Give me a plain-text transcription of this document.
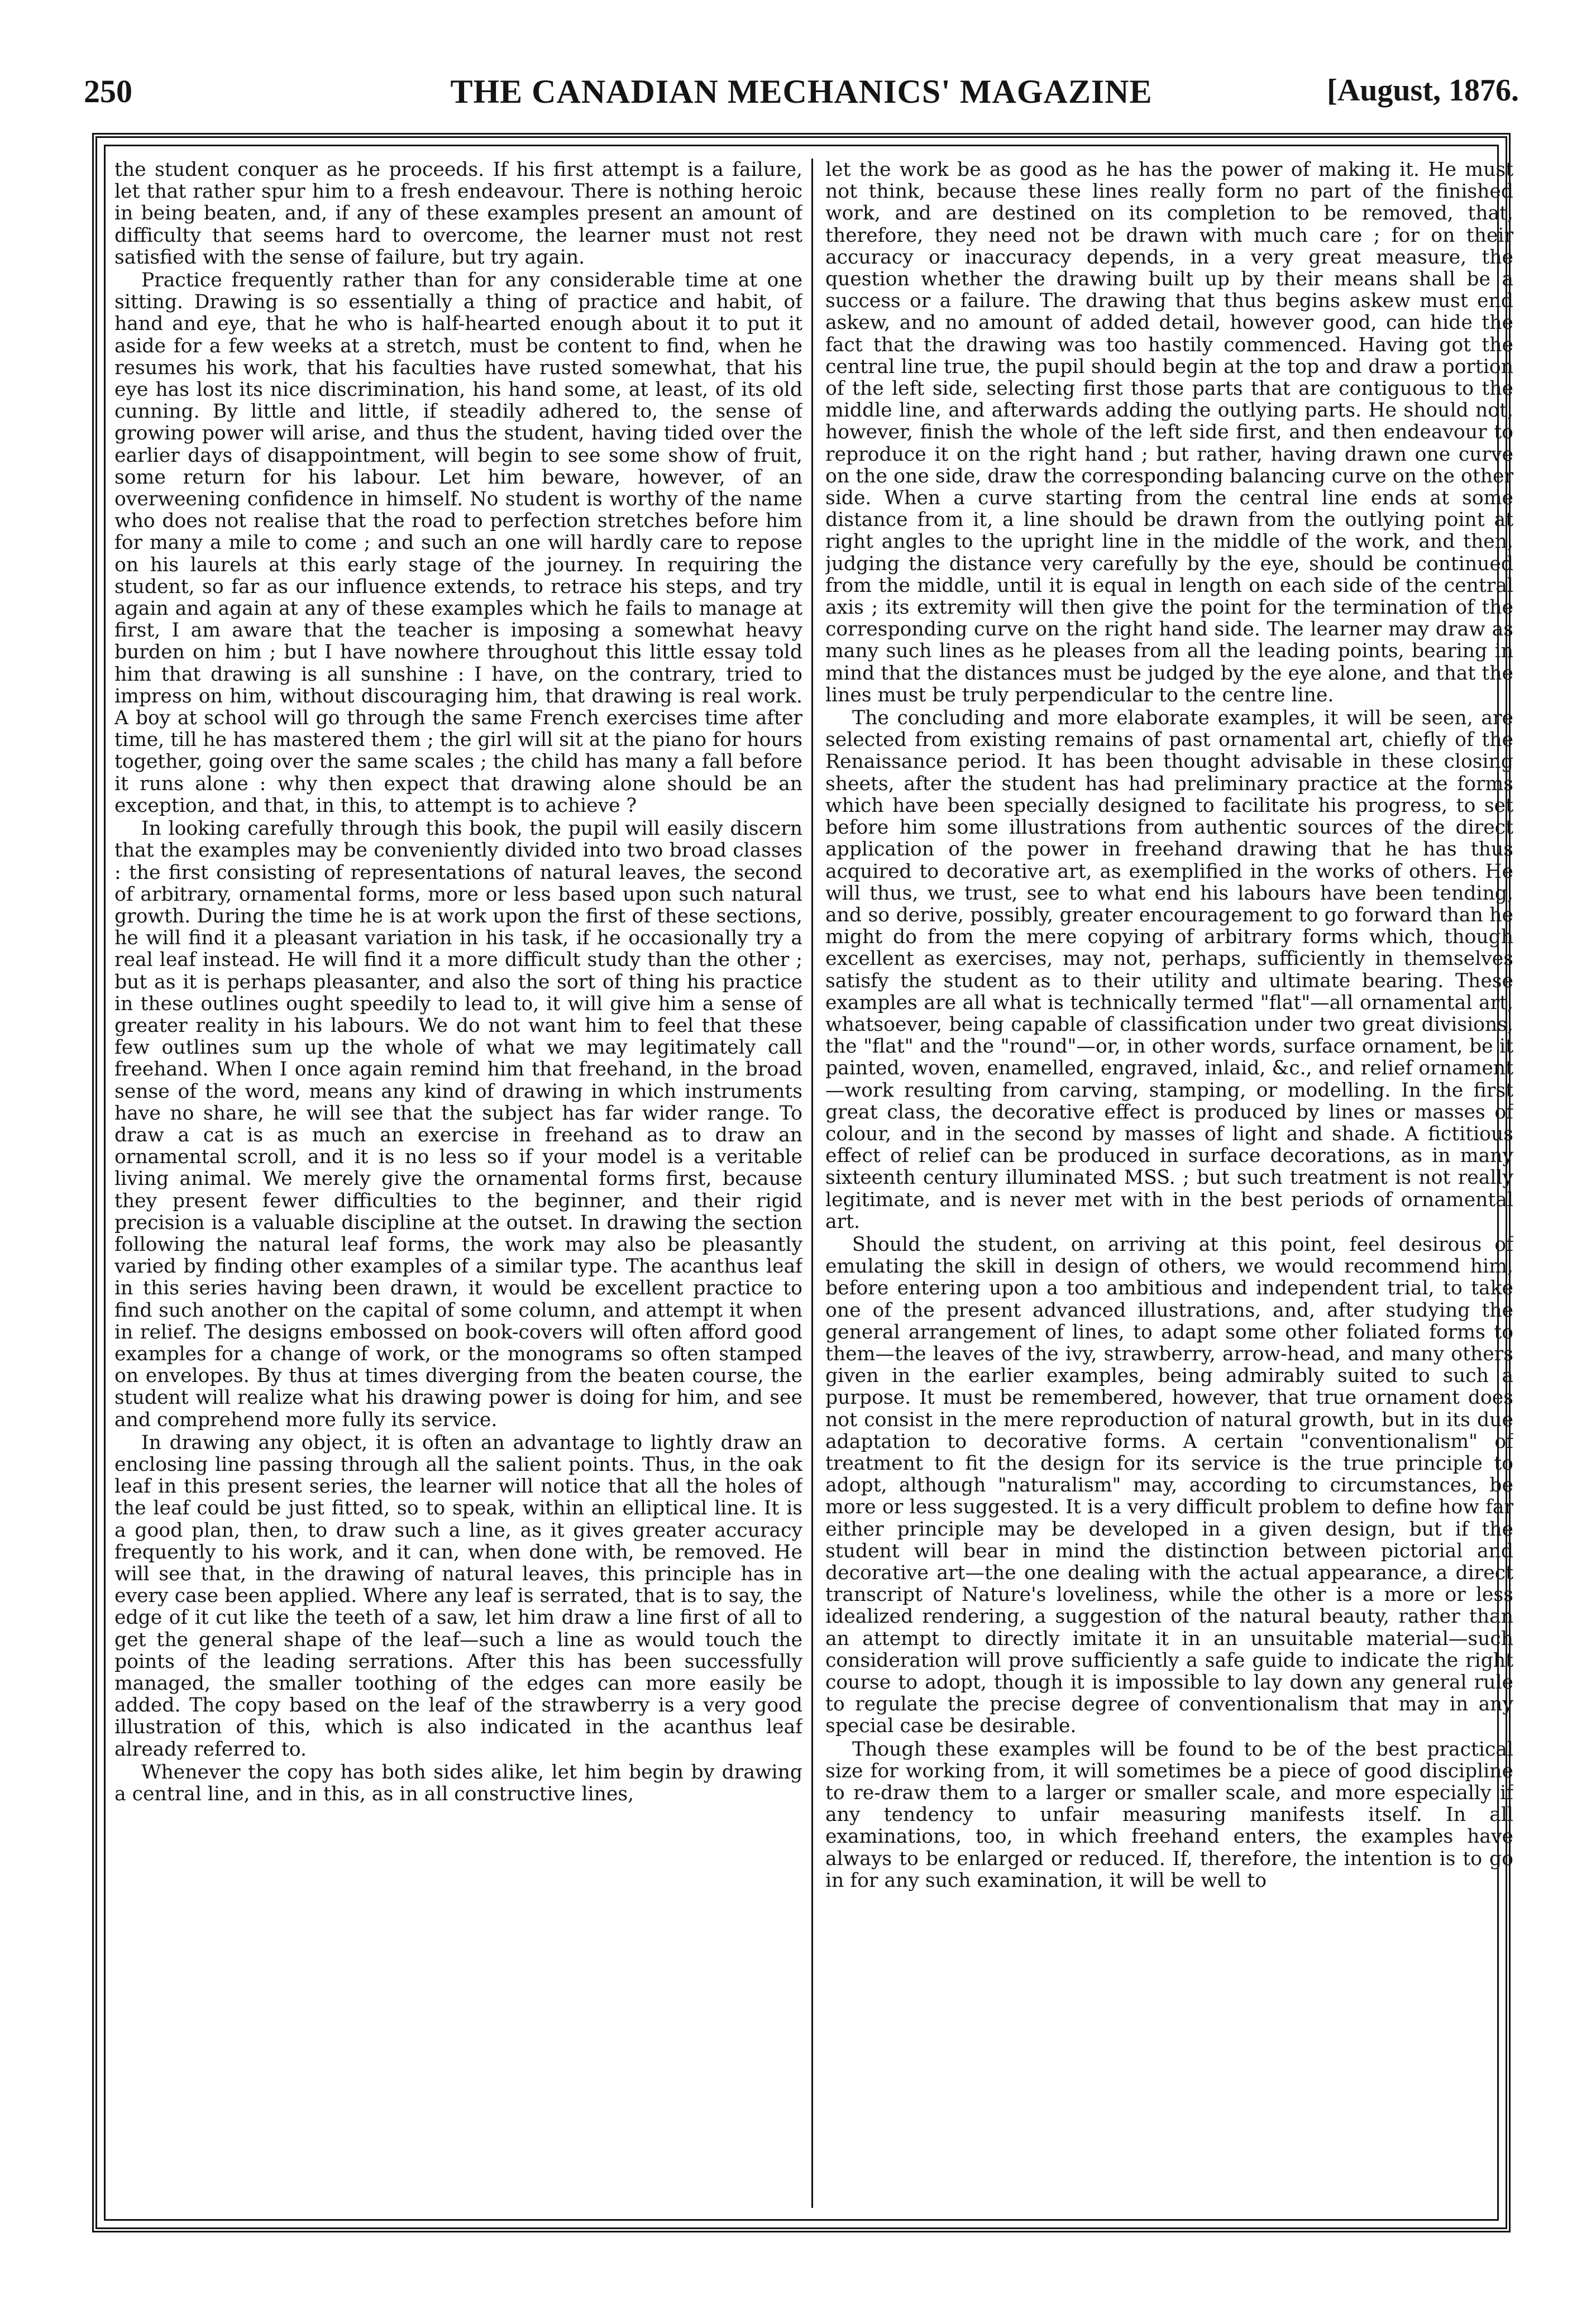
250	THE CANADIAN MECHANICS' MAGAZINE	[August, 1876.

the student conquer as he proceeds. If his first attempt is a failure, let that rather spur him to a fresh endeavour. There is nothing heroic in being beaten, and, if any of these examples present an amount of difficulty that seems hard to overcome, the learner must not rest satisfied with the sense of failure, but try again.

Practice frequently rather than for any considerable time at one sitting. Drawing is so essentially a thing of practice and habit, of hand and eye, that he who is half-hearted enough about it to put it aside for a few weeks at a stretch, must be content to find, when he resumes his work, that his faculties have rusted somewhat, that his eye has lost its nice discrimination, his hand some, at least, of its old cunning. By little and little, if steadily adhered to, the sense of growing power will arise, and thus the student, having tided over the earlier days of disappointment, will begin to see some show of fruit, some return for his labour. Let him beware, however, of an overweening confidence in himself. No student is worthy of the name who does not realise that the road to perfection stretches before him for many a mile to come ; and such an one will hardly care to repose on his laurels at this early stage of the journey. In requiring the student, so far as our influence extends, to retrace his steps, and try again and again at any of these examples which he fails to manage at first, I am aware that the teacher is imposing a somewhat heavy burden on him ; but I have nowhere throughout this little essay told him that drawing is all sunshine : I have, on the contrary, tried to impress on him, without discouraging him, that drawing is real work. A boy at school will go through the same French exercises time after time, till he has mastered them ; the girl will sit at the piano for hours together, going over the same scales ; the child has many a fall before it runs alone : why then expect that drawing alone should be an exception, and that, in this, to attempt is to achieve ?

In looking carefully through this book, the pupil will easily discern that the examples may be conveniently divided into two broad classes : the first consisting of representations of natural leaves, the second of arbitrary, ornamental forms, more or less based upon such natural growth. During the time he is at work upon the first of these sections, he will find it a pleasant variation in his task, if he occasionally try a real leaf instead. He will find it a more difficult study than the other ; but as it is perhaps pleasanter, and also the sort of thing his practice in these outlines ought speedily to lead to, it will give him a sense of greater reality in his labours. We do not want him to feel that these few outlines sum up the whole of what we may legitimately call freehand. When I once again remind him that freehand, in the broad sense of the word, means any kind of drawing in which instruments have no share, he will see that the subject has far wider range. To draw a cat is as much an exercise in freehand as to draw an ornamental scroll, and it is no less so if your model is a veritable living animal. We merely give the ornamental forms first, because they present fewer difficulties to the beginner, and their rigid precision is a valuable discipline at the outset. In drawing the section following the natural leaf forms, the work may also be pleasantly varied by finding other examples of a similar type. The acanthus leaf in this series having been drawn, it would be excellent practice to find such another on the capital of some column, and attempt it when in relief. The designs embossed on book-covers will often afford good examples for a change of work, or the monograms so often stamped on envelopes. By thus at times diverging from the beaten course, the student will realize what his drawing power is doing for him, and see and comprehend more fully its service.

In drawing any object, it is often an advantage to lightly draw an enclosing line passing through all the salient points. Thus, in the oak leaf in this present series, the learner will notice that all the holes of the leaf could be just fitted, so to speak, within an elliptical line. It is a good plan, then, to draw such a line, as it gives greater accuracy frequently to his work, and it can, when done with, be removed. He will see that, in the drawing of natural leaves, this principle has in every case been applied. Where any leaf is serrated, that is to say, the edge of it cut like the teeth of a saw, let him draw a line first of all to get the general shape of the leaf—such a line as would touch the points of the leading serrations. After this has been successfully managed, the smaller toothing of the edges can more easily be added. The copy based on the leaf of the strawberry is a very good illustration of this, which is also indicated in the acanthus leaf already referred to.

Whenever the copy has both sides alike, let him begin by drawing a central line, and in this, as in all constructive lines,

let the work be as good as he has the power of making it. He must not think, because these lines really form no part of the finished work, and are destined on its completion to be removed, that, therefore, they need not be drawn with much care ; for on their accuracy or inaccuracy depends, in a very great measure, the question whether the drawing built up by their means shall be a success or a failure. The drawing that thus begins askew must end askew, and no amount of added detail, however good, can hide the fact that the drawing was too hastily commenced. Having got the central line true, the pupil should begin at the top and draw a portion of the left side, selecting first those parts that are contiguous to the middle line, and afterwards adding the outlying parts. He should not, however, finish the whole of the left side first, and then endeavour to reproduce it on the right hand ; but rather, having drawn one curve on the one side, draw the corresponding balancing curve on the other side. When a curve starting from the central line ends at some distance from it, a line should be drawn from the outlying point at right angles to the upright line in the middle of the work, and then, judging the distance very carefully by the eye, should be continued from the middle, until it is equal in length on each side of the central axis ; its extremity will then give the point for the termination of the corresponding curve on the right hand side. The learner may draw as many such lines as he pleases from all the leading points, bearing in mind that the distances must be judged by the eye alone, and that the lines must be truly perpendicular to the centre line.

The concluding and more elaborate examples, it will be seen, are selected from existing remains of past ornamental art, chiefly of the Renaissance period. It has been thought advisable in these closing sheets, after the student has had preliminary practice at the forms which have been specially designed to facilitate his progress, to set before him some illustrations from authentic sources of the direct application of the power in freehand drawing that he has thus acquired to decorative art, as exemplified in the works of others. He will thus, we trust, see to what end his labours have been tending, and so derive, possibly, greater encouragement to go forward than he might do from the mere copying of arbitrary forms which, though excellent as exercises, may not, perhaps, sufficiently in themselves satisfy the student as to their utility and ultimate bearing. These examples are all what is technically termed "flat"—all ornamental art, whatsoever, being capable of classification under two great divisions, the "flat" and the "round"—or, in other words, surface ornament, be it painted, woven, enamelled, engraved, inlaid, &c., and relief ornament—work resulting from carving, stamping, or modelling. In the first great class, the decorative effect is produced by lines or masses of colour, and in the second by masses of light and shade. A fictitious effect of relief can be produced in surface decorations, as in many sixteenth century illuminated MSS. ; but such treatment is not really legitimate, and is never met with in the best periods of ornamental art.

Should the student, on arriving at this point, feel desirous of emulating the skill in design of others, we would recommend him, before entering upon a too ambitious and independent trial, to take one of the present advanced illustrations, and, after studying the general arrangement of lines, to adapt some other foliated forms to them—the leaves of the ivy, strawberry, arrow-head, and many others given in the earlier examples, being admirably suited to such a purpose. It must be remembered, however, that true ornament does not consist in the mere reproduction of natural growth, but in its due adaptation to decorative forms. A certain "conventionalism" of treatment to fit the design for its service is the true principle to adopt, although "naturalism" may, according to circumstances, be more or less suggested. It is a very difficult problem to define how far either principle may be developed in a given design, but if the student will bear in mind the distinction between pictorial and decorative art—the one dealing with the actual appearance, a direct transcript of Nature's loveliness, while the other is a more or less idealized rendering, a suggestion of the natural beauty, rather than an attempt to directly imitate it in an unsuitable material—such consideration will prove sufficiently a safe guide to indicate the right course to adopt, though it is impossible to lay down any general rule to regulate the precise degree of conventionalism that may in any special case be desirable.

Though these examples will be found to be of the best practical size for working from, it will sometimes be a piece of good discipline to re-draw them to a larger or smaller scale, and more especially if any tendency to unfair measuring manifests itself. In all examinations, too, in which freehand enters, the examples have always to be enlarged or reduced. If, therefore, the intention is to go in for any such examination, it will be well to
